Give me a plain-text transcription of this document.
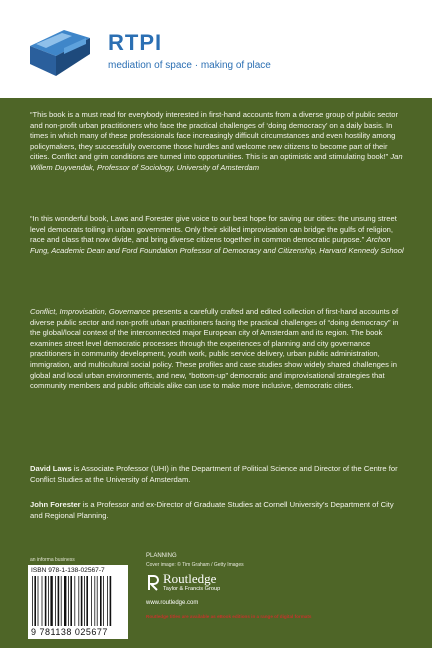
RTPI
mediation of space · making of place

“This book is a must read for everybody interested in first-hand accounts from a diverse group of public sector and non-profit urban practitioners who face the practical challenges of ‘doing democracy’ on a daily basis. In times in which many of these professionals face increasingly difficult circumstances and even hostility among policymakers, they successfully overcome those hurdles and welcome new citizens to become part of their cities. Conflict and grim conditions are turned into opportunities. This is an optimistic and stimulating book!” Jan Willem Duyvendak, Professor of Sociology, University of Amsterdam

“In this wonderful book, Laws and Forester give voice to our best hope for saving our cities: the unsung street level democrats toiling in urban governments. Only their skilled improvisation can bridge the gulfs of religion, race and class that now divide, and bring diverse citizens together in common democratic purpose.” Archon Fung, Academic Dean and Ford Foundation Professor of Democracy and Citizenship, Harvard Kennedy School

Conflict, Improvisation, Governance presents a carefully crafted and edited collection of first-hand accounts of diverse public sector and non-profit urban practitioners facing the practical challenges of “doing democracy” in the global/local context of the interconnected major European city of Amsterdam and its region. The book examines street level democratic processes through the experiences of planning and city governance practitioners in community development, youth work, public service delivery, urban public administration, immigration, and multicultural social policy. These profiles and case studies show widely shared challenges in global and local urban environments, and new, “bottom-up” democratic and improvisational strategies that community members and public officials alike can use to make more inclusive, democratic cities.

David Laws is Associate Professor (UHI) in the Department of Political Science and Director of the Centre for Conflict Studies at the University of Amsterdam.

John Forester is a Professor and ex-Director of Graduate Studies at Cornell University’s Department of City and Regional Planning.

an informa business
ISBN 978-1-138-02567-7
9 781138 025677
PLANNING
Cover image: © Tim Graham / Getty Images
Routledge
Taylor & Francis Group
www.routledge.com
Routledge titles are available as eBook editions in a range of digital formats
